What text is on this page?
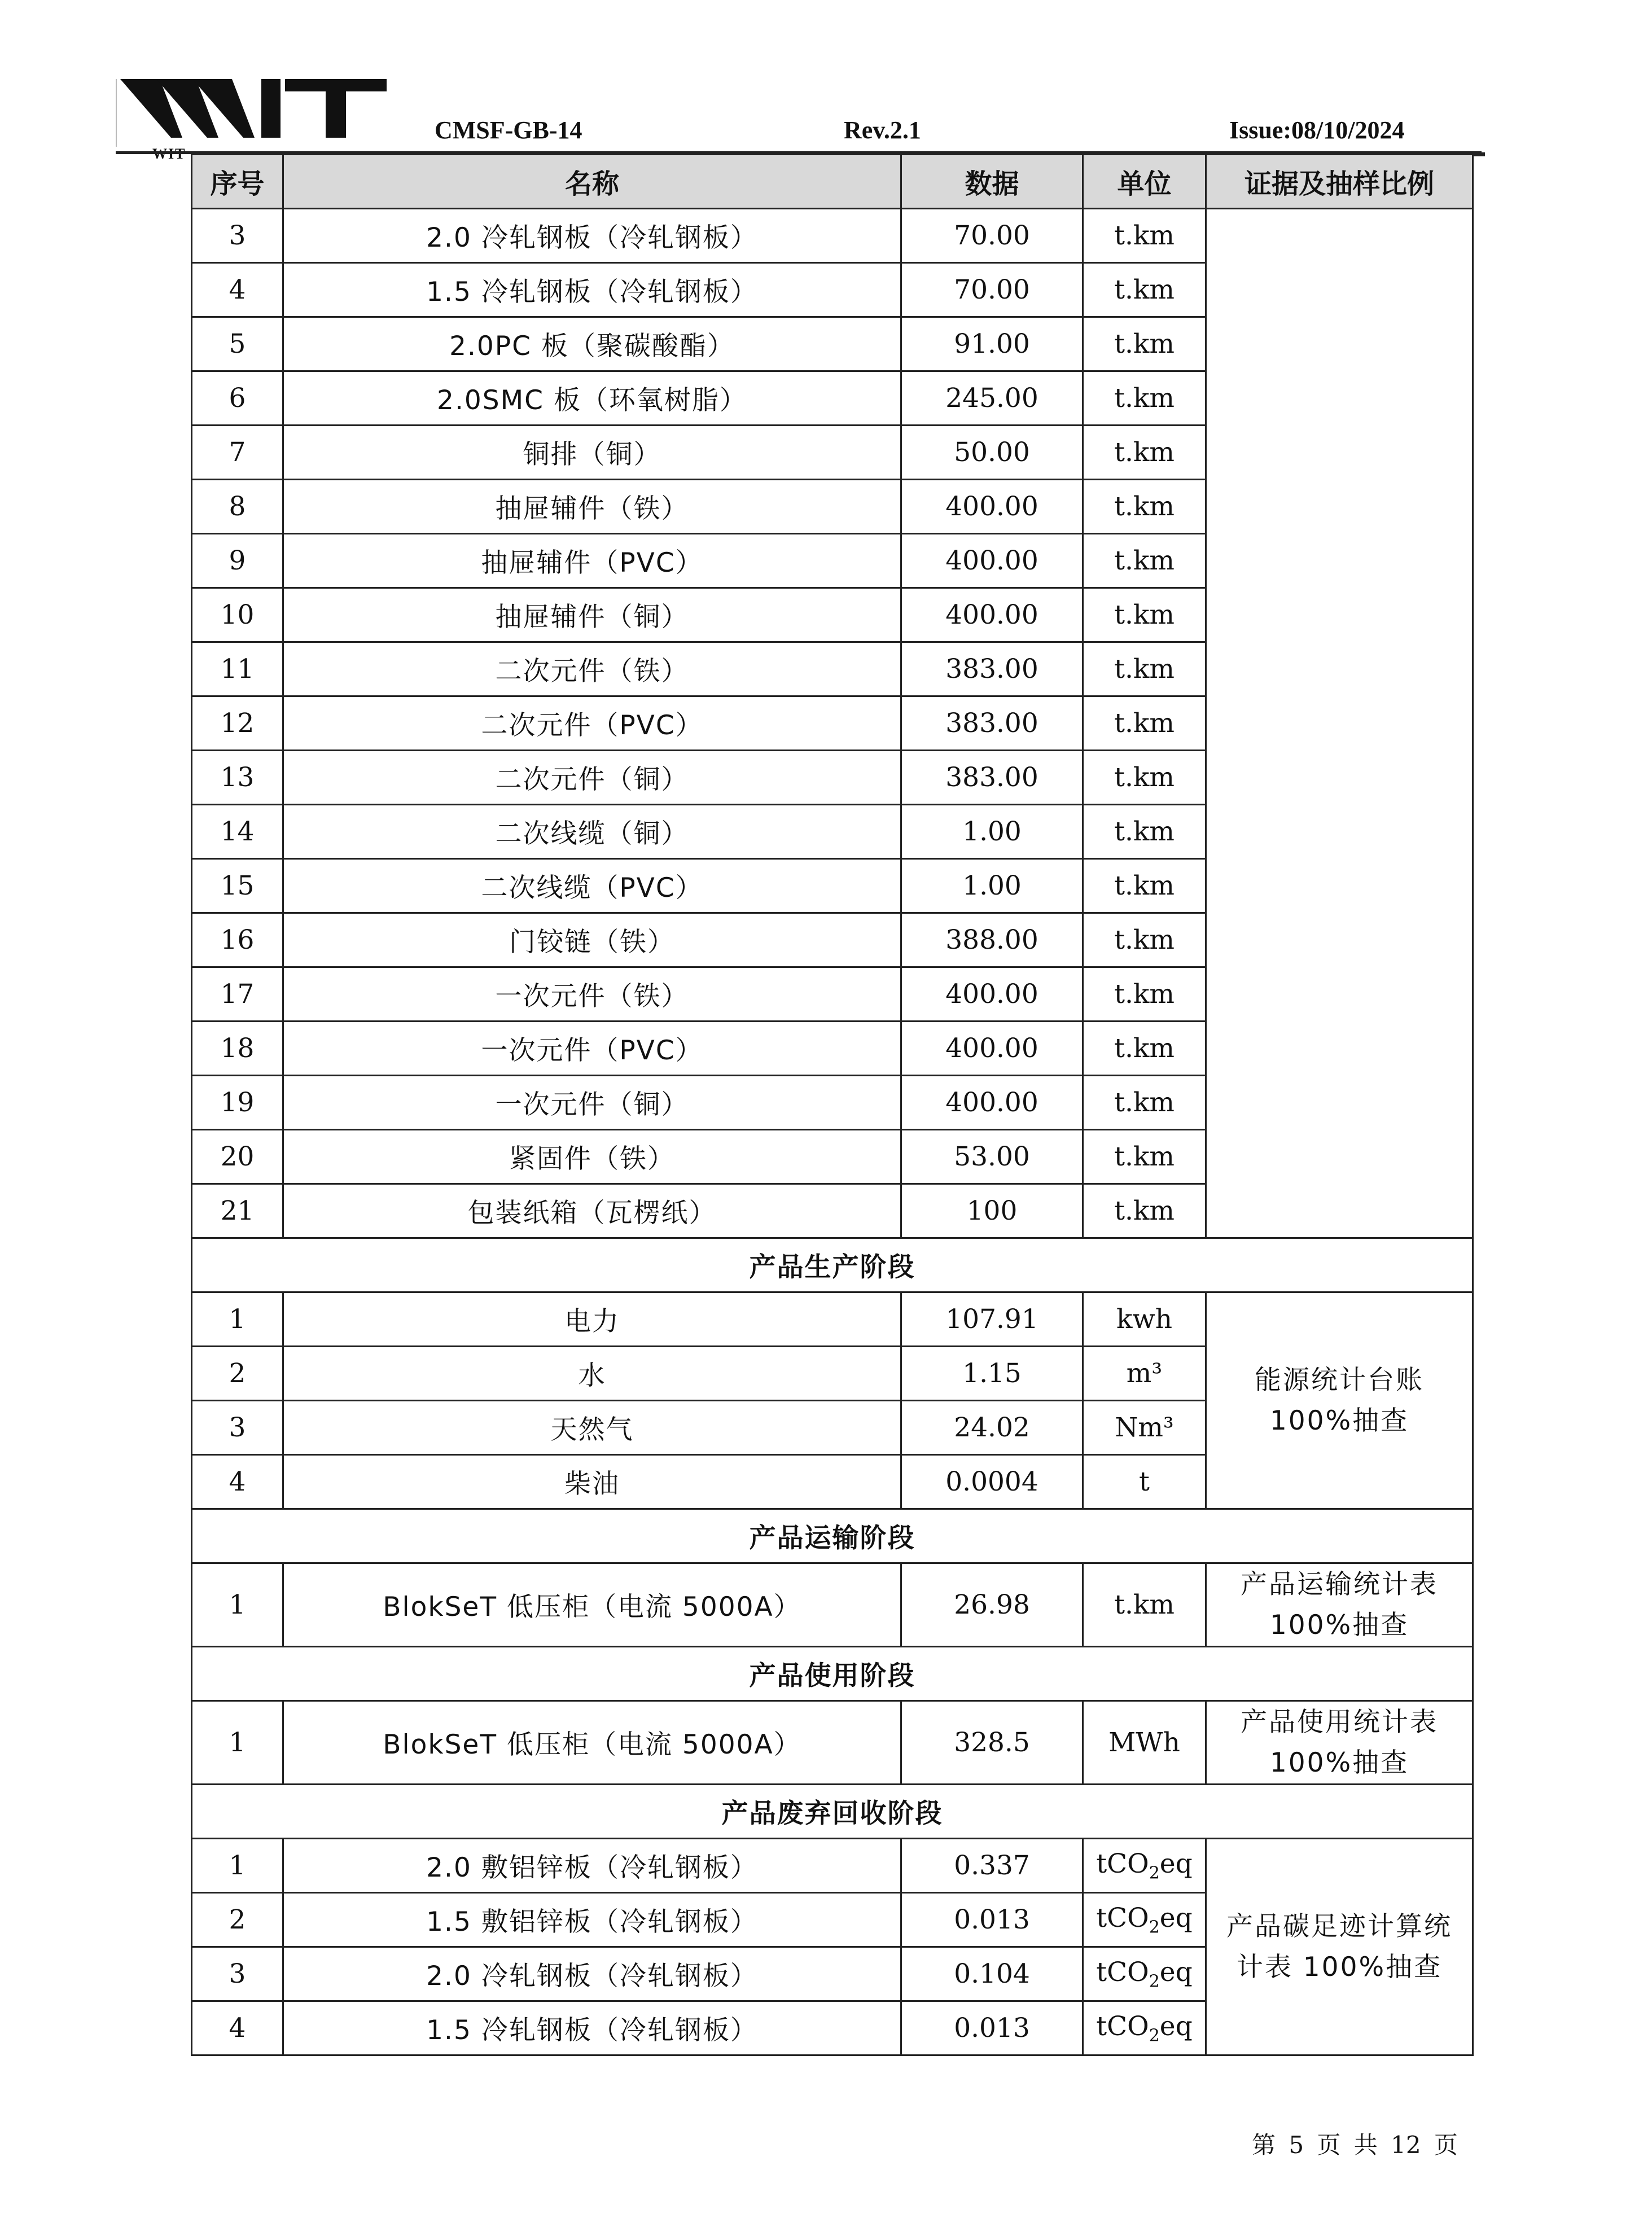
CMSF-GB-14	Rev.2.1	Issue:08/10/2024
序号	名称	数据	单位	证据及抽样比例
3	2.0 冷轧钢板（冷轧钢板）	70.00	t.km	
4	1.5 冷轧钢板（冷轧钢板）	70.00	t.km	
5	2.0PC 板（聚碳酸酯）	91.00	t.km	
6	2.0SMC 板（环氧树脂）	245.00	t.km	
7	铜排（铜）	50.00	t.km	
8	抽屉辅件（铁）	400.00	t.km	
9	抽屉辅件（PVC）	400.00	t.km	
10	抽屉辅件（铜）	400.00	t.km	
11	二次元件（铁）	383.00	t.km	
12	二次元件（PVC）	383.00	t.km	
13	二次元件（铜）	383.00	t.km	
14	二次线缆（铜）	1.00	t.km	
15	二次线缆（PVC）	1.00	t.km	
16	门铰链（铁）	388.00	t.km	
17	一次元件（铁）	400.00	t.km	
18	一次元件（PVC）	400.00	t.km	
19	一次元件（铜）	400.00	t.km	
20	紧固件（铁）	53.00	t.km	
21	包装纸箱（瓦楞纸）	100	t.km	
产品生产阶段				
1	电力	107.91	kwh	能源统计台账
100%抽查
2	水	1.15	m³	
3	天然气	24.02	Nm³	
4	柴油	0.0004	t	
产品运输阶段				
1	BlokSeT 低压柜（电流 5000A）	26.98	t.km	产品运输统计表
100%抽查
产品使用阶段				
1	BlokSeT 低压柜（电流 5000A）	328.5	MWh	产品使用统计表
100%抽查
产品废弃回收阶段				
1	2.0 敷铝锌板（冷轧钢板）	0.337	tCO$_2$eq	产品碳足迹计算统
计表 100%抽查
2	1.5 敷铝锌板（冷轧钢板）	0.013	tCO$_2$eq	
3	2.0 冷轧钢板（冷轧钢板）	0.104	tCO$_2$eq	
4	1.5 冷轧钢板（冷轧钢板）	0.013	tCO$_2$eq	
第 5 页 共 12 页
